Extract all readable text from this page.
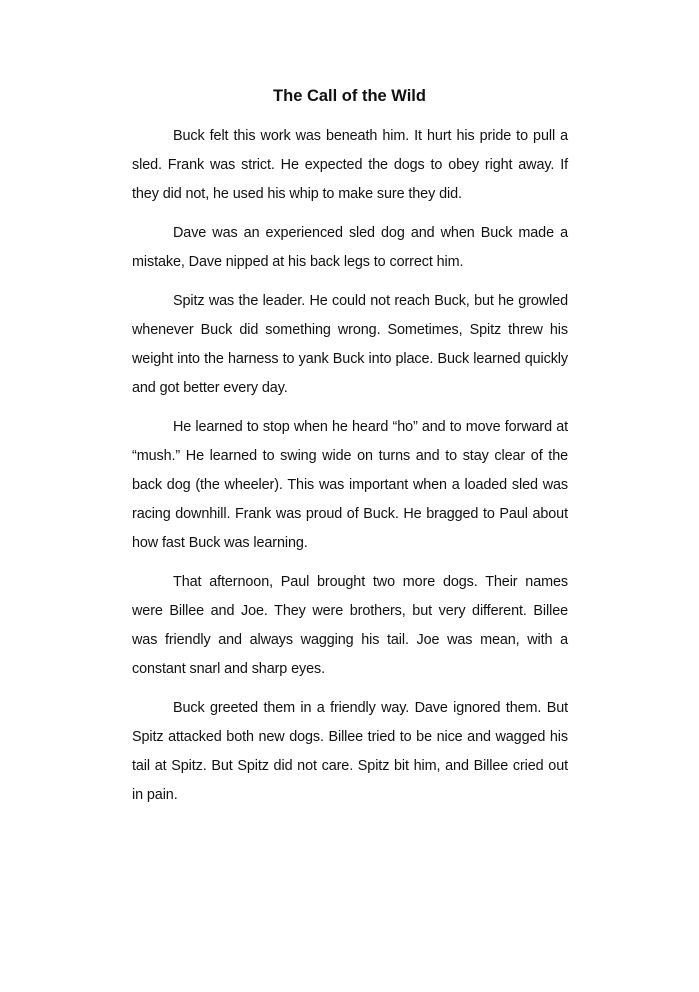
The Call of the Wild

Buck felt this work was beneath him. It hurt his pride to pull a sled. Frank was strict. He expected the dogs to obey right away. If they did not, he used his whip to make sure they did.

Dave was an experienced sled dog and when Buck made a mistake, Dave nipped at his back legs to correct him.

Spitz was the leader. He could not reach Buck, but he growled whenever Buck did something wrong. Sometimes, Spitz threw his weight into the harness to yank Buck into place. Buck learned quickly and got better every day.

He learned to stop when he heard “ho” and to move forward at “mush.” He learned to swing wide on turns and to stay clear of the back dog (the wheeler). This was important when a loaded sled was racing downhill. Frank was proud of Buck. He bragged to Paul about how fast Buck was learning.

That afternoon, Paul brought two more dogs. Their names were Billee and Joe. They were brothers, but very different. Billee was friendly and always wagging his tail. Joe was mean, with a constant snarl and sharp eyes.

Buck greeted them in a friendly way. Dave ignored them. But Spitz attacked both new dogs. Billee tried to be nice and wagged his tail at Spitz. But Spitz did not care. Spitz bit him, and Billee cried out in pain.
